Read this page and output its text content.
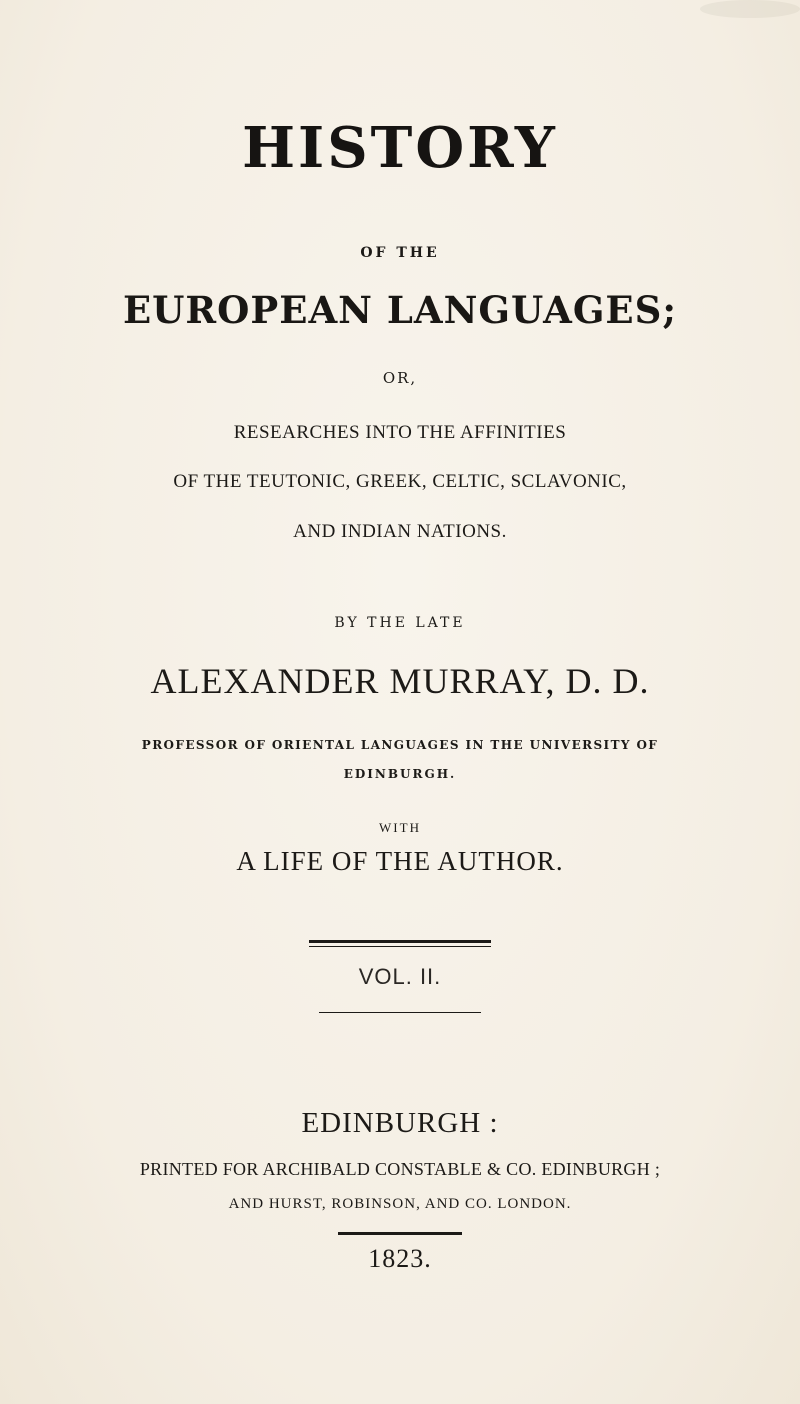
HISTORY
OF THE
EUROPEAN LANGUAGES;
OR,
RESEARCHES INTO THE AFFINITIES
OF THE TEUTONIC, GREEK, CELTIC, SCLAVONIC,
AND INDIAN NATIONS.
BY THE LATE
ALEXANDER MURRAY, D. D.
PROFESSOR OF ORIENTAL LANGUAGES IN THE UNIVERSITY OF
EDINBURGH.
WITH
A LIFE OF THE AUTHOR.
VOL. II.
EDINBURGH :
PRINTED FOR ARCHIBALD CONSTABLE & CO. EDINBURGH ;
AND HURST, ROBINSON, AND CO. LONDON.
1823.
